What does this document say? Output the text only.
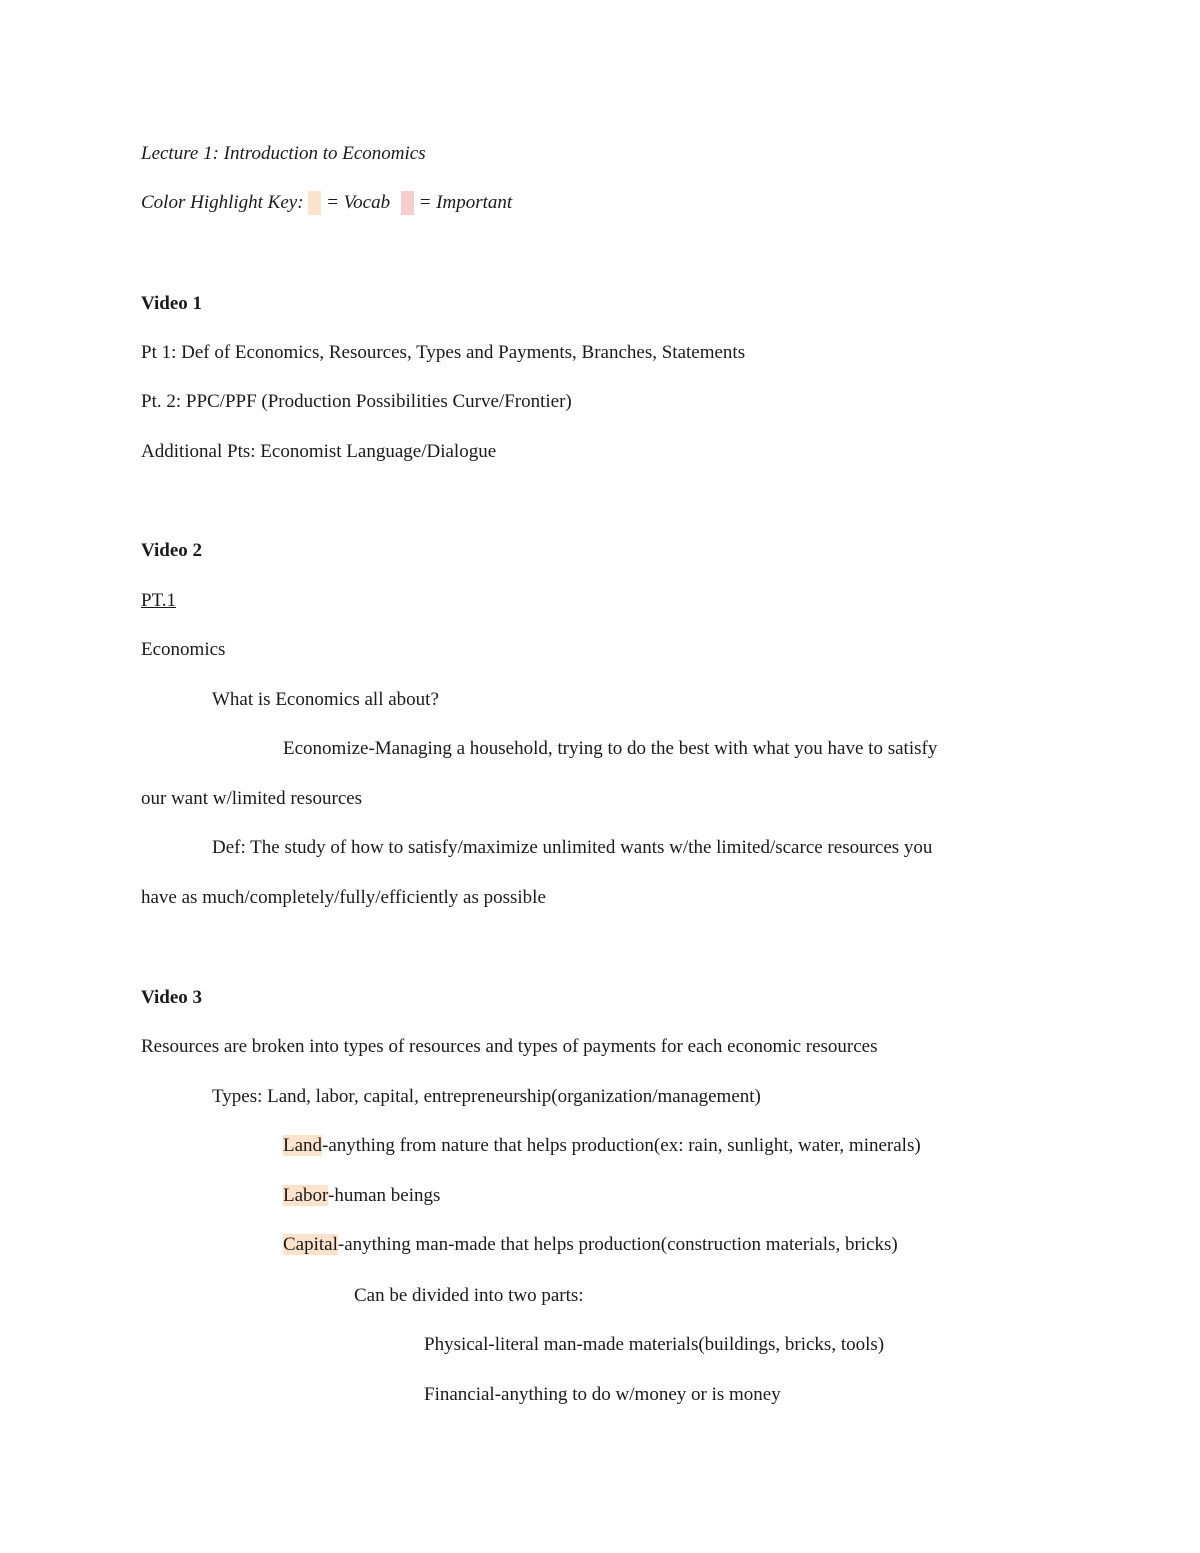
Lecture 1: Introduction to Economics
Color Highlight Key: = Vocab = Important
Video 1
Pt 1: Def of Economics, Resources, Types and Payments, Branches, Statements
Pt. 2: PPC/PPF (Production Possibilities Curve/Frontier)
Additional Pts: Economist Language/Dialogue
Video 2
PT.1
Economics
What is Economics all about?
Economize-Managing a household, trying to do the best with what you have to satisfy
our want w/limited resources
Def: The study of how to satisfy/maximize unlimited wants w/the limited/scarce resources you
have as much/completely/fully/efficiently as possible
Video 3
Resources are broken into types of resources and types of payments for each economic resources
Types: Land, labor, capital, entrepreneurship(organization/management)
Land-anything from nature that helps production(ex: rain, sunlight, water, minerals)
Labor-human beings
Capital-anything man-made that helps production(construction materials, bricks)
Can be divided into two parts:
Physical-literal man-made materials(buildings, bricks, tools)
Financial-anything to do w/money or is money
